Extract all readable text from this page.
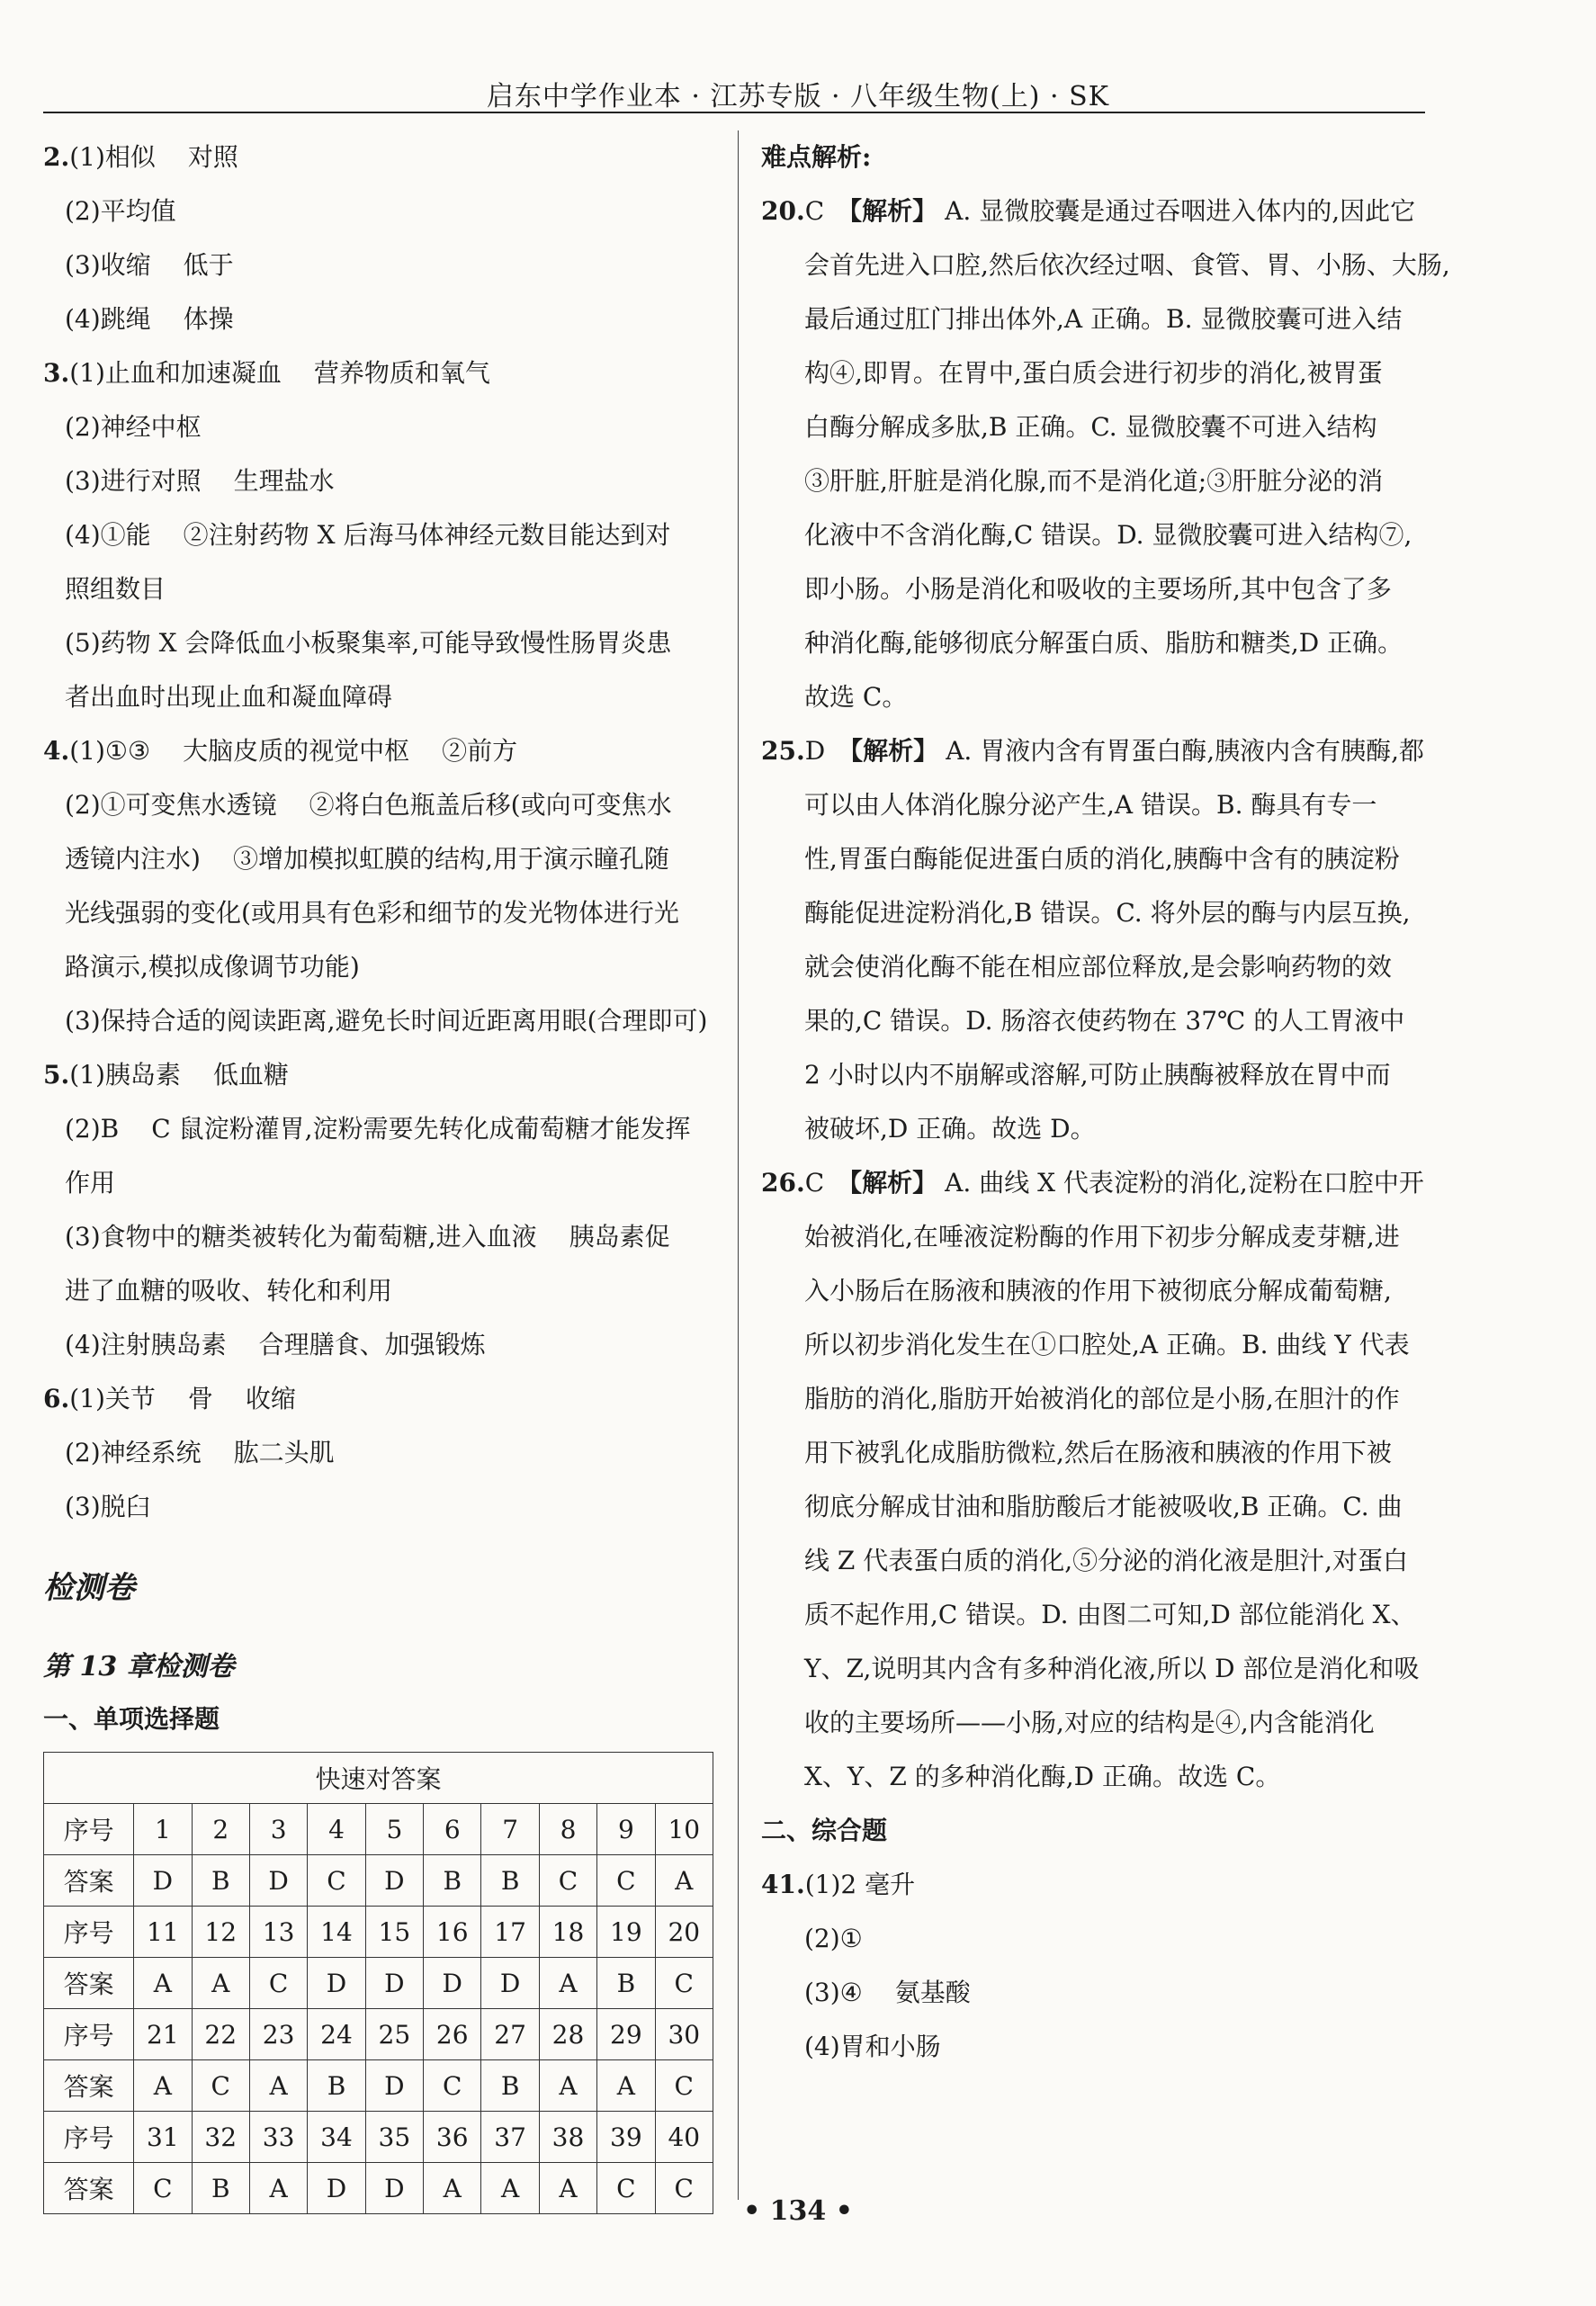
启东中学作业本 · 江苏专版 · 八年级生物(上) · SK
2.(1)相似 对照
(2)平均值
(3)收缩 低于
(4)跳绳 体操
3.(1)止血和加速凝血 营养物质和氧气
(2)神经中枢
(3)进行对照 生理盐水
(4)①能 ②注射药物 X 后海马体神经元数目能达到对
照组数目
(5)药物 X 会降低血小板聚集率,可能导致慢性肠胃炎患
者出血时出现止血和凝血障碍
4.(1)①③ 大脑皮质的视觉中枢 ②前方
(2)①可变焦水透镜 ②将白色瓶盖后移(或向可变焦水
透镜内注水) ③增加模拟虹膜的结构,用于演示瞳孔随
光线强弱的变化(或用具有色彩和细节的发光物体进行光
路演示,模拟成像调节功能)
(3)保持合适的阅读距离,避免长时间近距离用眼(合理即可)
5.(1)胰岛素 低血糖
(2)B C 鼠淀粉灌胃,淀粉需要先转化成葡萄糖才能发挥
作用
(3)食物中的糖类被转化为葡萄糖,进入血液 胰岛素促
进了血糖的吸收、转化和利用
(4)注射胰岛素 合理膳食、加强锻炼
6.(1)关节 骨 收缩
(2)神经系统 肱二头肌
(3)脱臼
检测卷
第 13 章检测卷
一、单项选择题
快速对答案										
序号	1	2	3	4	5	6	7	8	9	10
答案	D	B	D	C	D	B	B	C	C	A
序号	11	12	13	14	15	16	17	18	19	20
答案	A	A	C	D	D	D	D	A	B	C
序号	21	22	23	24	25	26	27	28	29	30
答案	A	C	A	B	D	C	B	A	A	C
序号	31	32	33	34	35	36	37	38	39	40
答案	C	B	A	D	D	A	A	A	C	C
难点解析:
20.C 【解析】 A. 显微胶囊是通过吞咽进入体内的,因此它
会首先进入口腔,然后依次经过咽、食管、胃、小肠、大肠,
最后通过肛门排出体外,A 正确。B. 显微胶囊可进入结
构④,即胃。在胃中,蛋白质会进行初步的消化,被胃蛋
白酶分解成多肽,B 正确。C. 显微胶囊不可进入结构
③肝脏,肝脏是消化腺,而不是消化道;③肝脏分泌的消
化液中不含消化酶,C 错误。D. 显微胶囊可进入结构⑦,
即小肠。小肠是消化和吸收的主要场所,其中包含了多
种消化酶,能够彻底分解蛋白质、脂肪和糖类,D 正确。
故选 C。
25.D 【解析】 A. 胃液内含有胃蛋白酶,胰液内含有胰酶,都
可以由人体消化腺分泌产生,A 错误。B. 酶具有专一
性,胃蛋白酶能促进蛋白质的消化,胰酶中含有的胰淀粉
酶能促进淀粉消化,B 错误。C. 将外层的酶与内层互换,
就会使消化酶不能在相应部位释放,是会影响药物的效
果的,C 错误。D. 肠溶衣使药物在 37℃ 的人工胃液中
2 小时以内不崩解或溶解,可防止胰酶被释放在胃中而
被破坏,D 正确。故选 D。
26.C 【解析】 A. 曲线 X 代表淀粉的消化,淀粉在口腔中开
始被消化,在唾液淀粉酶的作用下初步分解成麦芽糖,进
入小肠后在肠液和胰液的作用下被彻底分解成葡萄糖,
所以初步消化发生在①口腔处,A 正确。B. 曲线 Y 代表
脂肪的消化,脂肪开始被消化的部位是小肠,在胆汁的作
用下被乳化成脂肪微粒,然后在肠液和胰液的作用下被
彻底分解成甘油和脂肪酸后才能被吸收,B 正确。C. 曲
线 Z 代表蛋白质的消化,⑤分泌的消化液是胆汁,对蛋白
质不起作用,C 错误。D. 由图二可知,D 部位能消化 X、
Y、Z,说明其内含有多种消化液,所以 D 部位是消化和吸
收的主要场所——小肠,对应的结构是④,内含能消化
X、Y、Z 的多种消化酶,D 正确。故选 C。
二、综合题
41.(1)2 毫升
(2)①
(3)④ 氨基酸
(4)胃和小肠
• 134 •
